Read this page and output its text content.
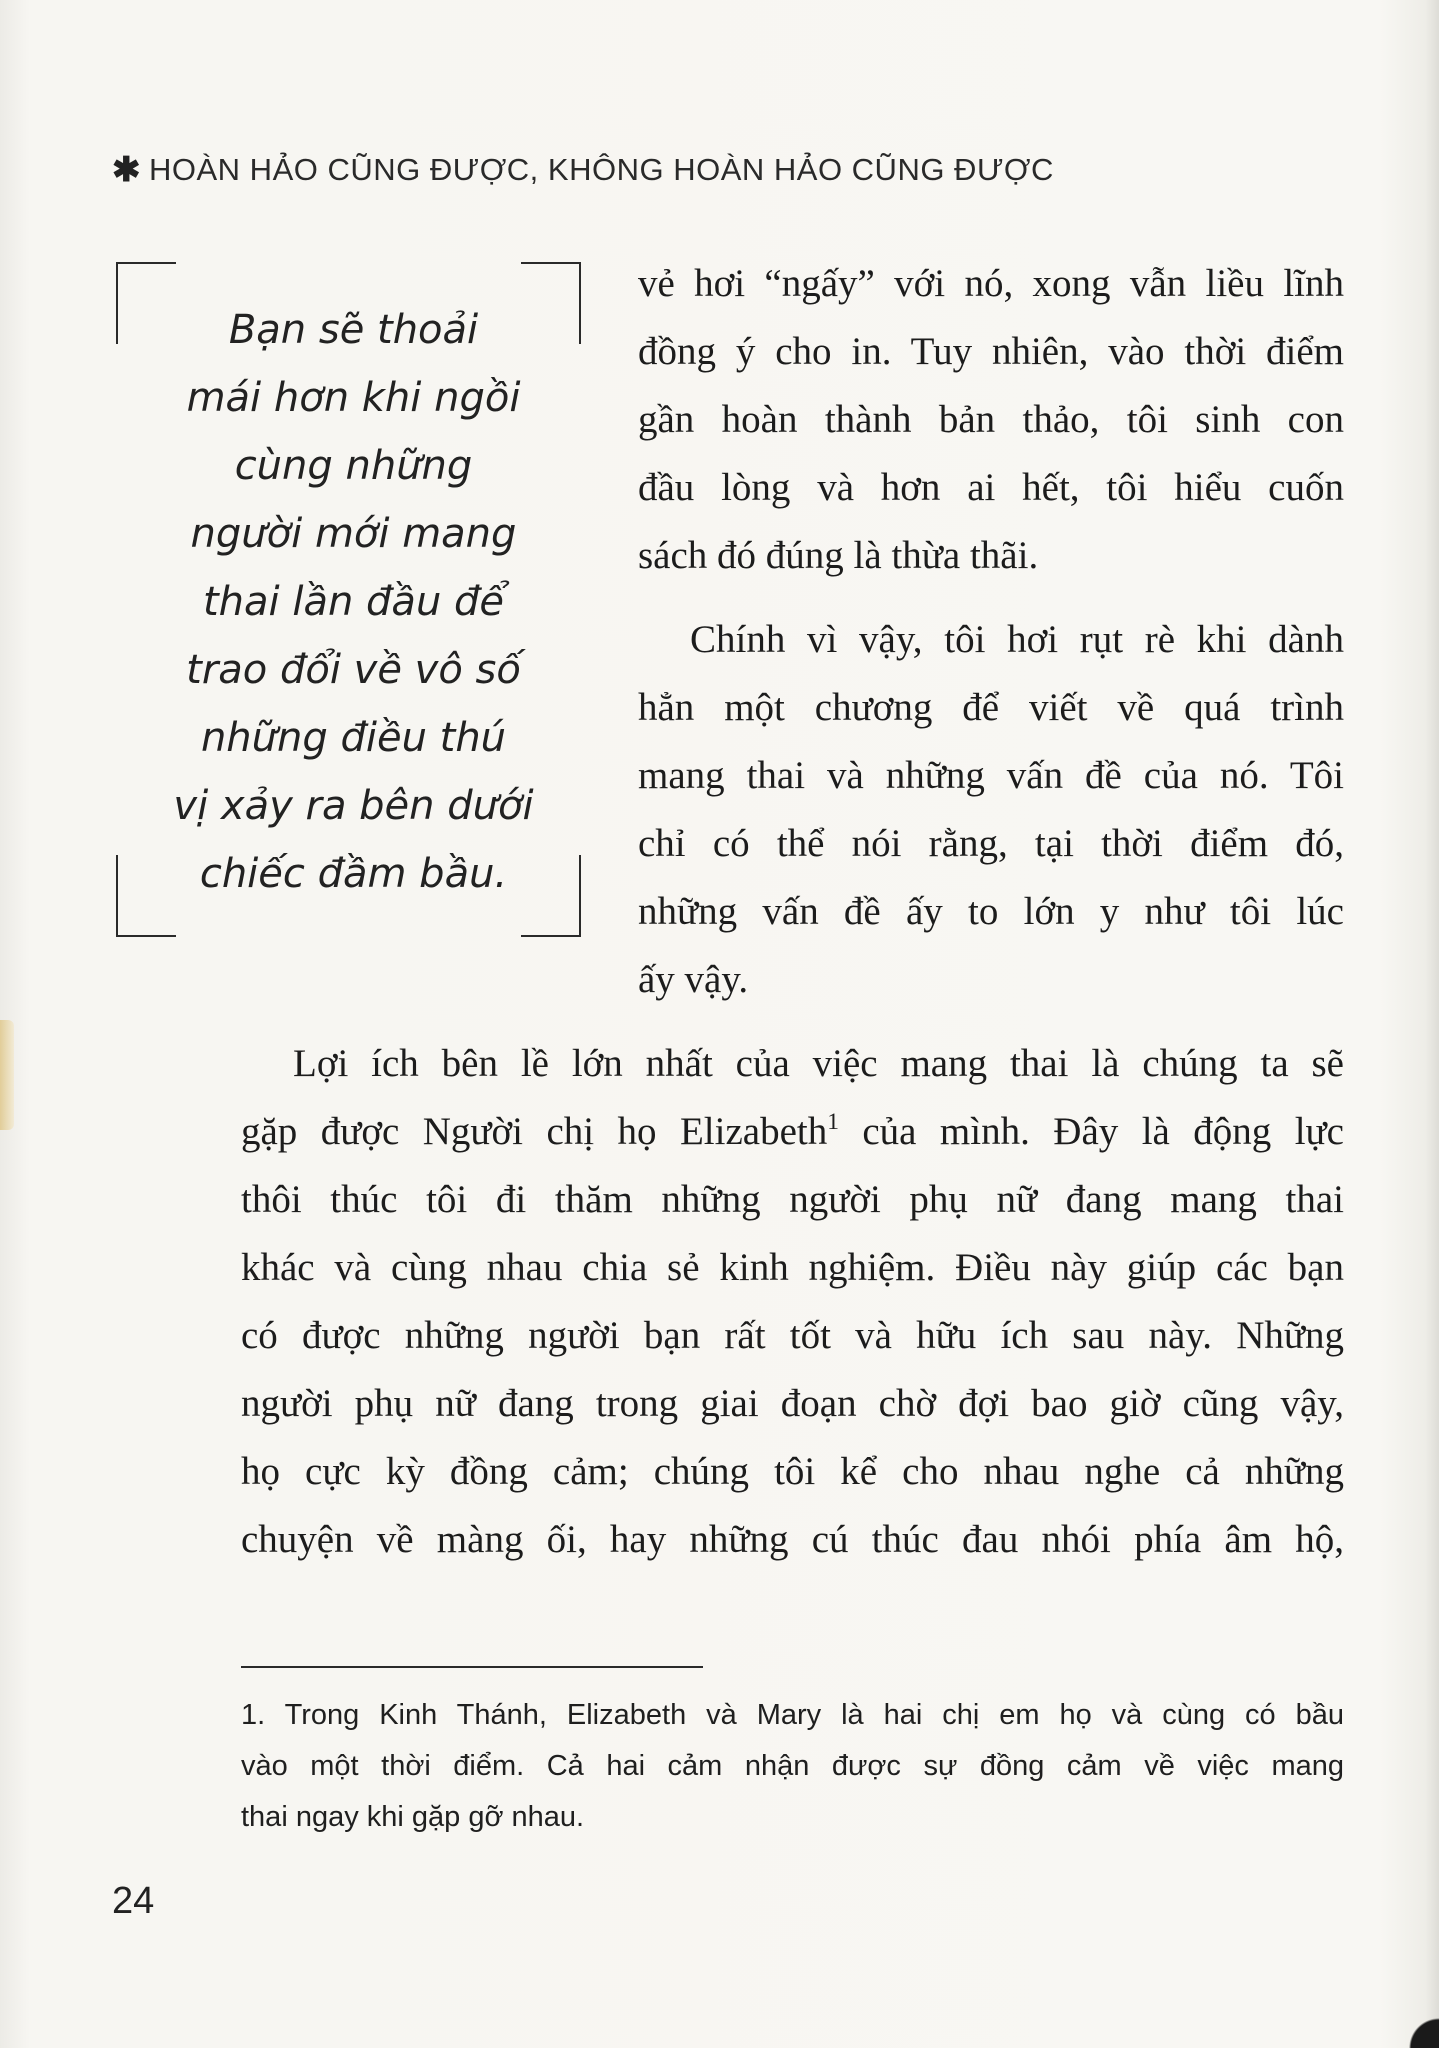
✱ HOÀN HẢO CŨNG ĐƯỢC, KHÔNG HOÀN HẢO CŨNG ĐƯỢC
Bạn sẽ thoải
mái hơn khi ngồi
cùng những
người mới mang
thai lần đầu để
trao đổi về vô số
những điều thú
vị xảy ra bên dưới
chiếc đầm bầu.
vẻ hơi “ngấy” với nó, xong vẫn liều lĩnh
đồng ý cho in. Tuy nhiên, vào thời điểm
gần hoàn thành bản thảo, tôi sinh con
đầu lòng và hơn ai hết, tôi hiểu cuốn
sách đó đúng là thừa thãi.
Chính vì vậy, tôi hơi rụt rè khi dành
hẳn một chương để viết về quá trình
mang thai và những vấn đề của nó. Tôi
chỉ có thể nói rằng, tại thời điểm đó,
những vấn đề ấy to lớn y như tôi lúc
ấy vậy.
Lợi ích bên lề lớn nhất của việc mang thai là chúng ta sẽ
gặp được Người chị họ Elizabeth$^1$ của mình. Đây là động lực
thôi thúc tôi đi thăm những người phụ nữ đang mang thai
khác và cùng nhau chia sẻ kinh nghiệm. Điều này giúp các bạn
có được những người bạn rất tốt và hữu ích sau này. Những
người phụ nữ đang trong giai đoạn chờ đợi bao giờ cũng vậy,
họ cực kỳ đồng cảm; chúng tôi kể cho nhau nghe cả những
chuyện về màng ối, hay những cú thúc đau nhói phía âm hộ,
1. Trong Kinh Thánh, Elizabeth và Mary là hai chị em họ và cùng có bầu
vào một thời điểm. Cả hai cảm nhận được sự đồng cảm về việc mang
thai ngay khi gặp gỡ nhau.
24
